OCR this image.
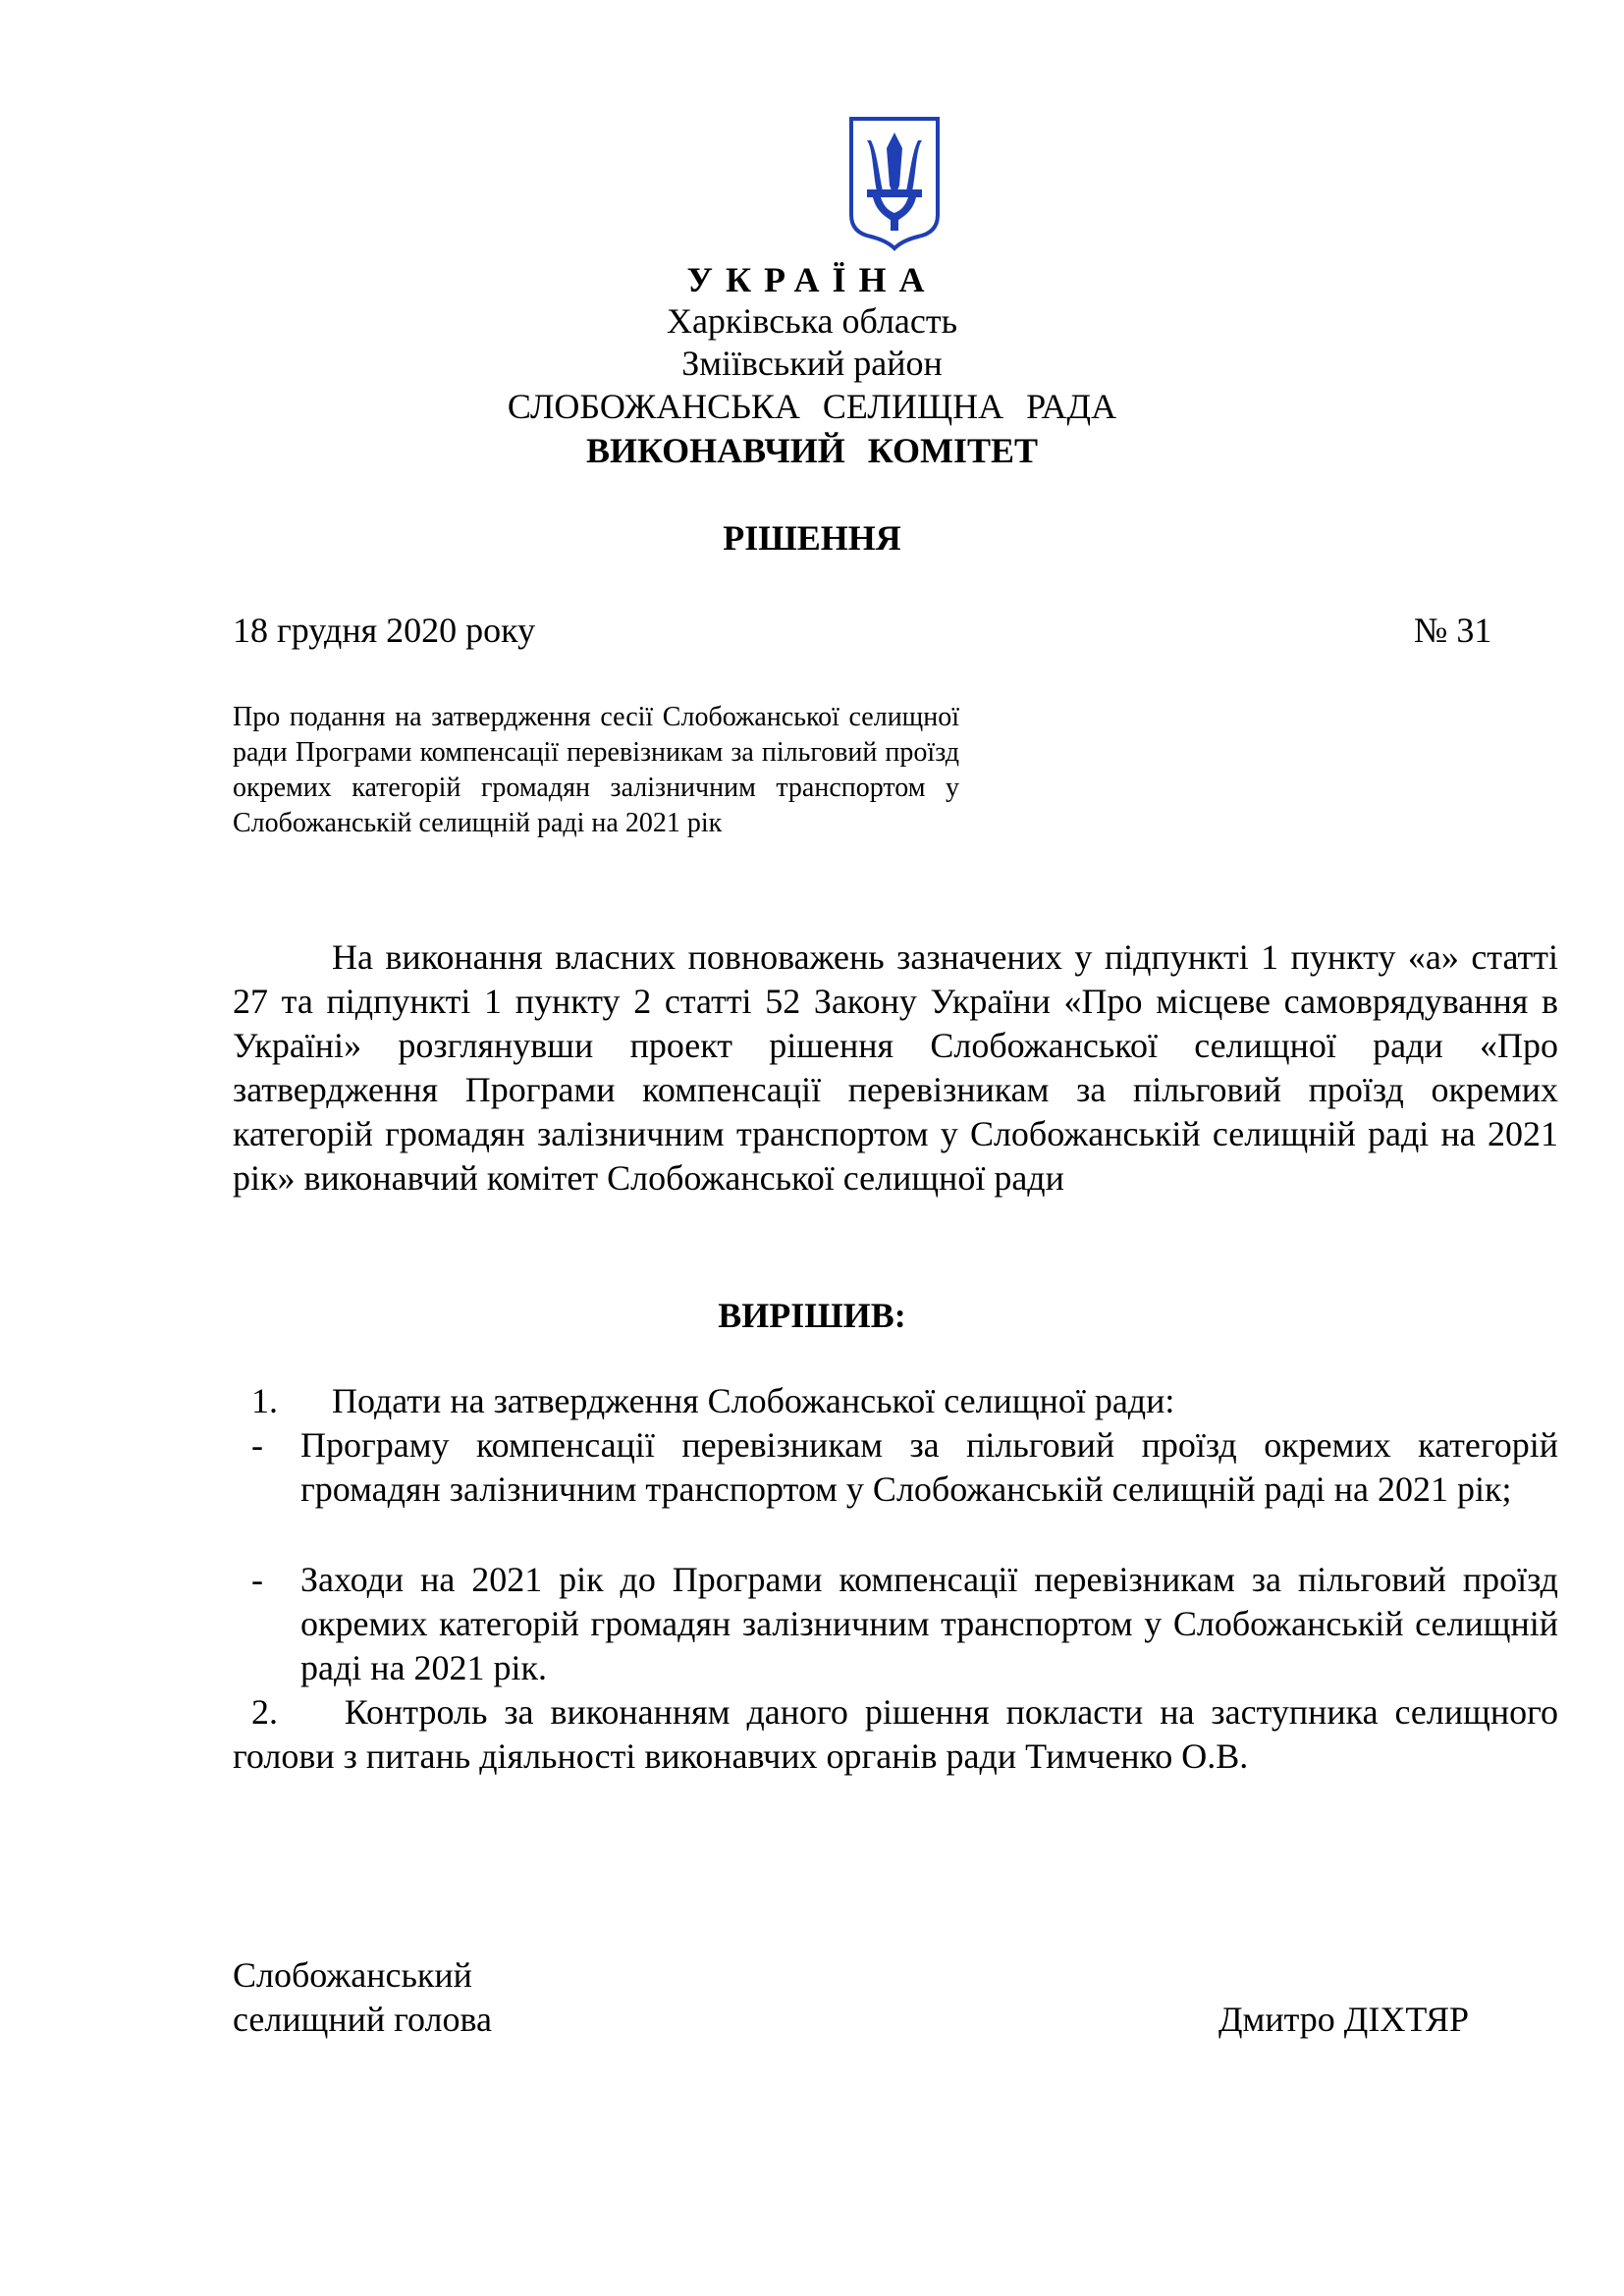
УКРАЇНА
Харківська область
Зміївський район
СЛОБОЖАНСЬКА СЕЛИЩНА РАДА
ВИКОНАВЧИЙ КОМІТЕТ
РІШЕННЯ
18 грудня 2020 року	№ 31
Про подання на затвердження сесії Слобожанської селищної ради Програми компенсації перевізникам за пільговий проїзд окремих категорій громадян залізничним транспортом у Слобожанській селищній раді на 2021 рік
На виконання власних повноважень зазначених у підпункті 1 пункту «а» статті 27 та підпункті 1 пункту 2 статті 52 Закону України «Про місцеве самоврядування в Україні» розглянувши проект рішення Слобожанської селищної ради «Про затвердження Програми компенсації перевізникам за пільговий проїзд окремих категорій громадян залізничним транспортом у Слобожанській селищній раді на 2021 рік» виконавчий комітет Слобожанської селищної ради
ВИРІШИВ:
1.	Подати на затвердження Слобожанської селищної ради:
-	Програму компенсації перевізникам за пільговий проїзд окремих категорій громадян залізничним транспортом у Слобожанській селищній раді на 2021 рік;
-	Заходи на 2021 рік до Програми компенсації перевізникам за пільговий проїзд окремих категорій громадян залізничним транспортом у Слобожанській селищній раді на 2021 рік.
2.    Контроль за виконанням даного рішення покласти на заступника селищного голови з питань діяльності виконавчих органів ради Тимченко О.В.
Слобожанський
селищний голова	Дмитро ДІХТЯР
